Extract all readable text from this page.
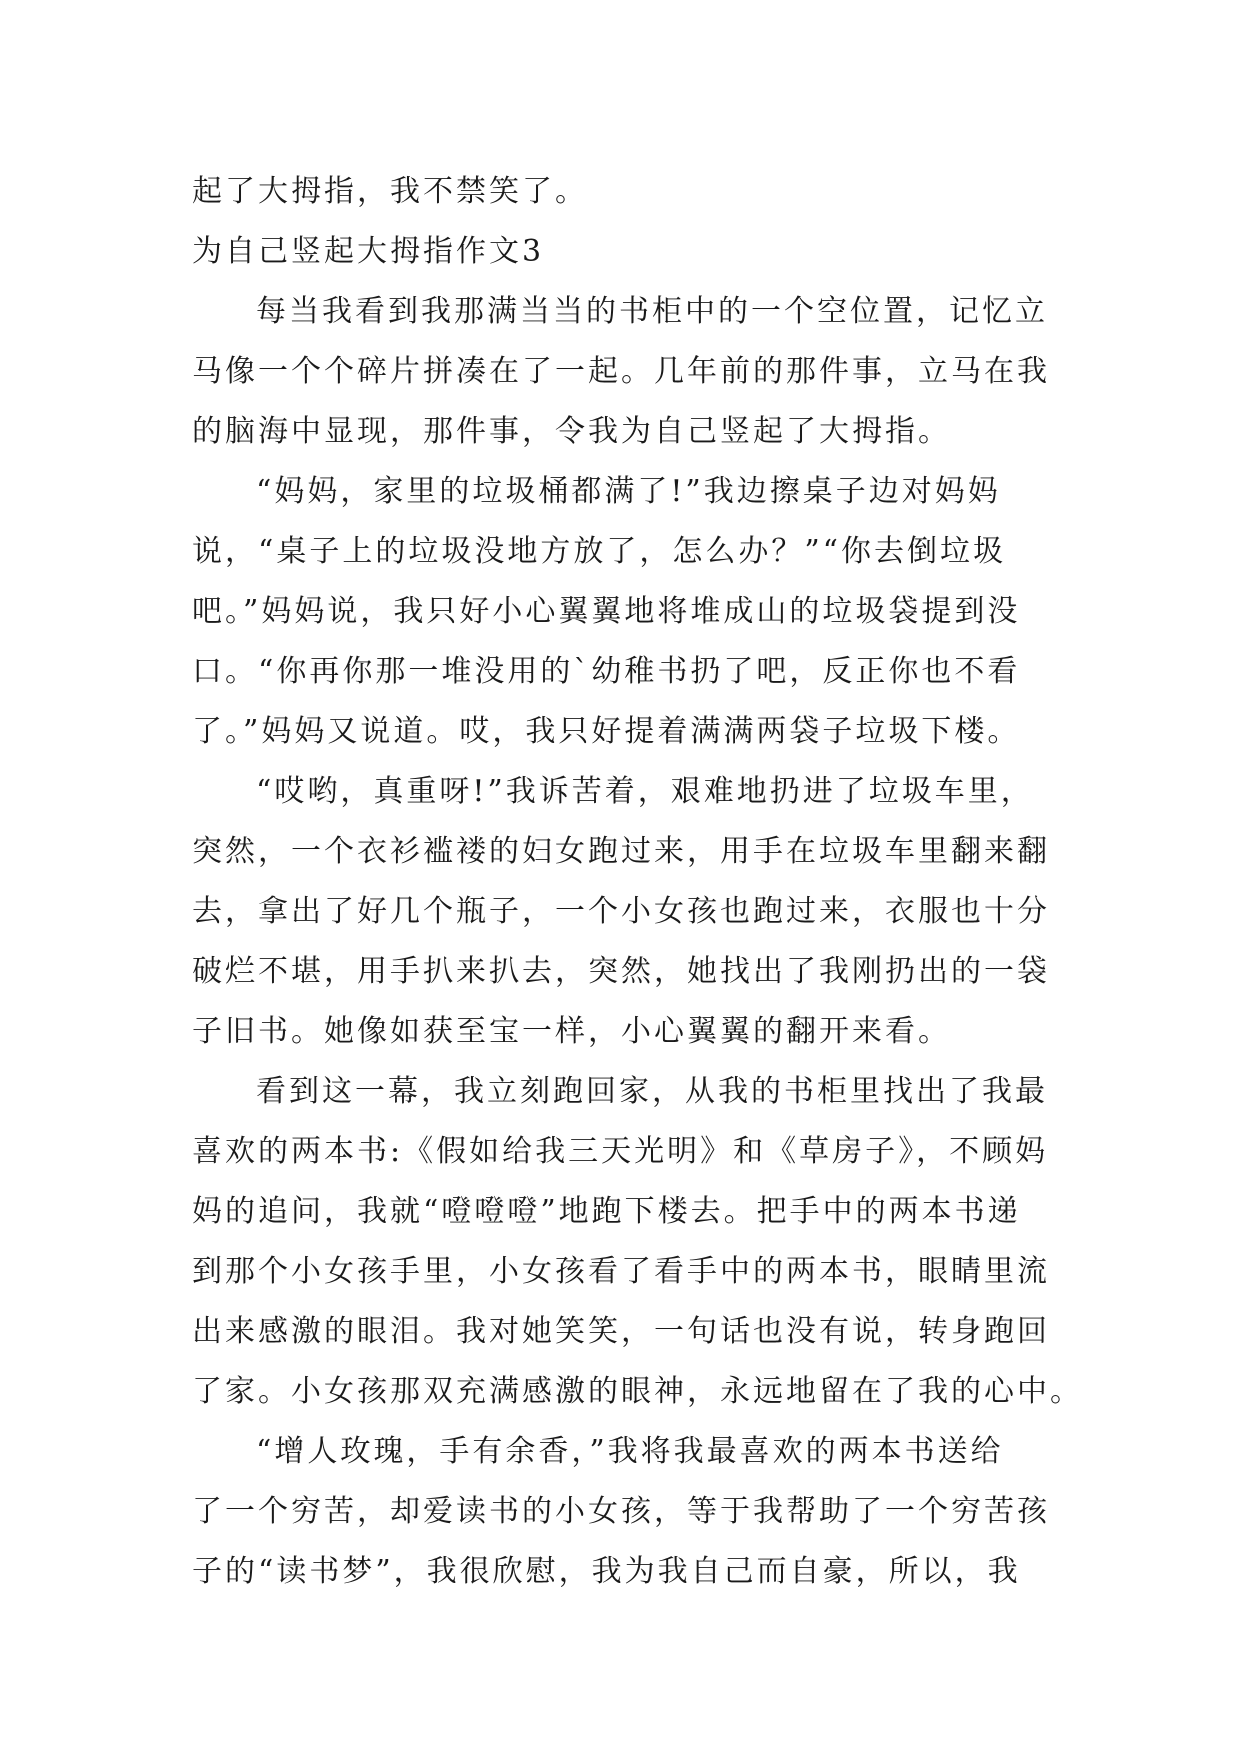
起了大拇指，我不禁笑了。
为自己竖起大拇指作文3
每当我看到我那满当当的书柜中的一个空位置，记忆立
马像一个个碎片拼凑在了一起。几年前的那件事，立马在我
的脑海中显现，那件事，令我为自己竖起了大拇指。
“妈妈，家里的垃圾桶都满了!”我边擦桌子边对妈妈
说，“桌子上的垃圾没地方放了，怎么办？”“你去倒垃圾
吧。”妈妈说，我只好小心翼翼地将堆成山的垃圾袋提到没
口。“你再你那一堆没用的`幼稚书扔了吧，反正你也不看
了。”妈妈又说道。哎，我只好提着满满两袋子垃圾下楼。
“哎哟，真重呀!”我诉苦着，艰难地扔进了垃圾车里，
突然，一个衣衫褴褛的妇女跑过来，用手在垃圾车里翻来翻
去，拿出了好几个瓶子，一个小女孩也跑过来，衣服也十分
破烂不堪，用手扒来扒去，突然，她找出了我刚扔出的一袋
子旧书。她像如获至宝一样，小心翼翼的翻开来看。
看到这一幕，我立刻跑回家，从我的书柜里找出了我最
喜欢的两本书:《假如给我三天光明》和《草房子》，不顾妈
妈的追问，我就“噔噔噔”地跑下楼去。把手中的两本书递
到那个小女孩手里，小女孩看了看手中的两本书，眼睛里流
出来感激的眼泪。我对她笑笑，一句话也没有说，转身跑回
了家。小女孩那双充满感激的眼神，永远地留在了我的心中。
“增人玫瑰，手有余香，”我将我最喜欢的两本书送给
了一个穷苦，却爱读书的小女孩，等于我帮助了一个穷苦孩
子的“读书梦”，我很欣慰，我为我自己而自豪，所以，我
